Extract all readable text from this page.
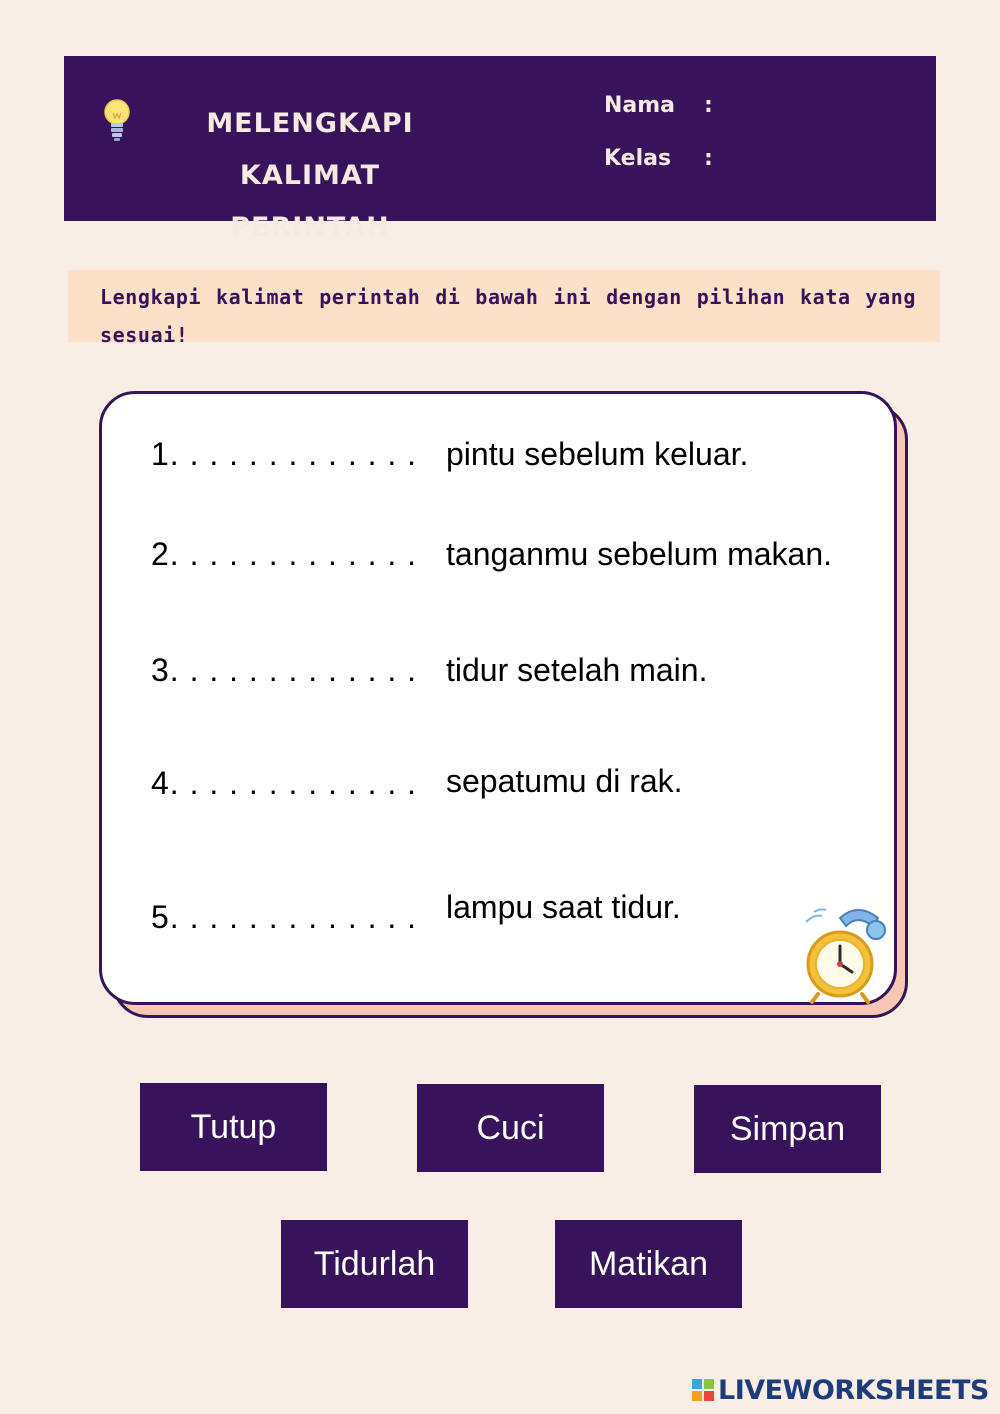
MELENGKAPI KALIMAT
PERINTAH
Nama :
Kelas :
Lengkapi kalimat perintah di bawah ini dengan pilihan kata yang sesuai!
1. . . . . . . . . . . . . pintu sebelum keluar.
2. . . . . . . . . . . . . tanganmu sebelum makan.
3. . . . . . . . . . . . . tidur setelah main.
4. . . . . . . . . . . . . sepatumu di rak.
5. . . . . . . . . . . . . lampu saat tidur.
Tutup	Cuci	Simpan
Tidurlah	Matikan
LIVEWORKSHEETS
